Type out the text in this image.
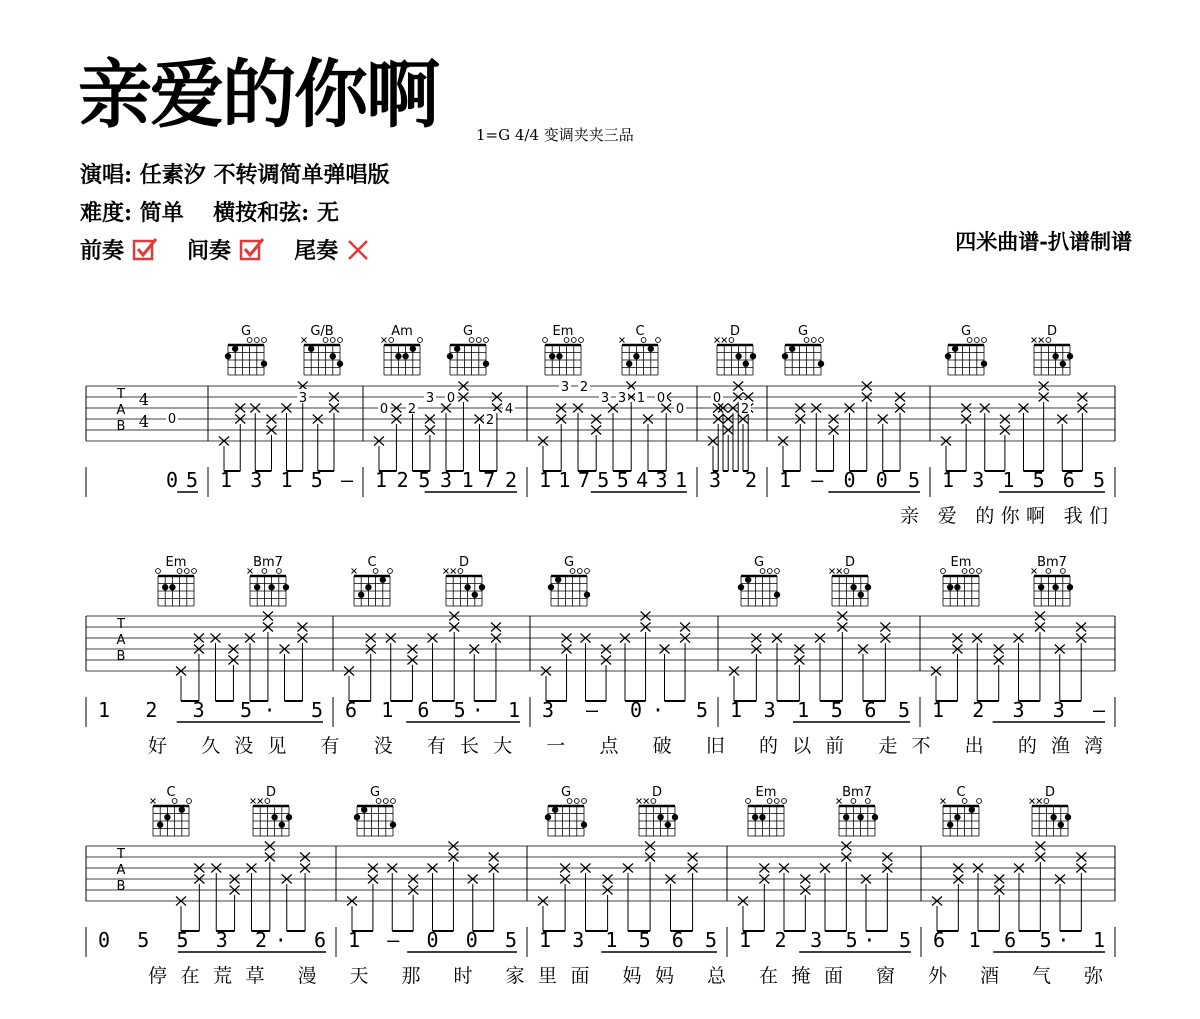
亲爱的你啊	1=G 4/4 变调夹夹三品
演唱: 任素汐 不转调简单弹唱版
难度: 简单 横按和弦: 无
前奏	间奏	尾奏	四米曲谱-扒谱制谱
G	G/B	Am	G	Em	C	D	G	G	D
T
A
B
4
4 0
3
0 2
3 0
2
4
3 2
3 3 1 0
0
0
2
0 5 1 3 1 5 – 1 2 5 3 1 7 2 1 1 7 5 5 4 3 1 3 2 1 – 0 0 5 1 3 1 5 6 5
亲 爱 的你啊 我们
Em	Bm7	C	D	G	G	D	Em	Bm7
T
A
B
1 2 3 5· 5 6 1 6 5· 1 3 – 0· 5 1 3 1 5 6 5 1 2 3 3 –
好 久没见 有 没 有长大 一 点 破 旧 的以前 走不 出 的渔湾
C	D	G	G	D	Em	Bm7	C	D
T
A
B
0 5 5 3 2· 6 1 – 0 0 5 1 3 1 5 6 5 1 2 3 5· 5 6 1 6 5· 1
停在荒草 漫 天 那 时 家里面 妈妈 总 在掩面 窗 外 酒 气 弥
